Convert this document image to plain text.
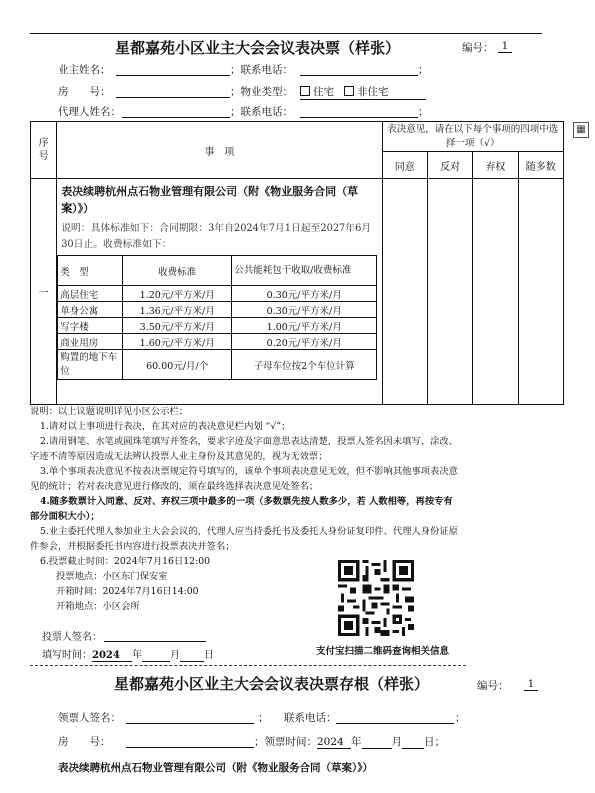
星都嘉苑小区业主大会会议表决票（样张）	编号： 1
业主姓名：	；联系电话：	；
房　　号：	；物业类型：	住宅 非住宅
代理人姓名：	；联系电话：	；
序号	事　项	表决意见，请在以下每个事项的四项中选择一项（√）
同意	反对	弃权	随多数
一	
表决续聘杭州点石物业管理有限公司（附《物业服务合同（草案）》）
说明：具体标准如下：合同期限：3年自2024年7月1日起至2027年6月30日止。收费标准如下：
类　型	收费标准	公共能耗包干收取/收费标准
高层住宅	1.20元/平方米/月	0.30元/平方米/月
单身公寓	1.36元/平方米/月	0.30元/平方米/月
写字楼	3.50元/平方米/月	1.00元/平方米/月
商业用房	1.60元/平方米/月	0.20元/平方米/月
购置的地下车位	60.00元/月/个	子母车位按2个车位计算

▦
说明：以上议题说明详见小区公示栏；
1.请对以上事项进行表决，在其对应的表决意见栏内划 “√”；
2.请用钢笔、水笔或圆珠笔填写并签名，要求字迹及字面意思表达清楚，投票人签名因未填写、涂改、
字迹不清等原因造成无法辨认投票人业主身份及其意见的，视为无效票；
3.单个事项表决意见不按表决票规定符号填写的，该单个事项表决意见无效，但不影响其他事项表决意
见的统计；若对表决意见进行修改的，须在最终选择表决意见处签名；
4.随多数票计入同意、反对、弃权三项中最多的一项（多数票先按人数多少，若 人数相等，再按专有
部分面积大小）；
5.业主委托代理人参加业主大会会议的，代理人应当持委托书及委托人身份证复印件、代理人身份证原
件参会，并根据委托书内容进行投票表决并签名；
6.投票截止时间：2024年7月16日12:00
投票地点：小区东门保安室
开箱时间：2024年7月16日14:00
开箱地点：小区会所
投票人签名：
填写时间：2024 年	月 日	支付宝扫描二维码查询相关信息
星都嘉苑小区业主大会会议表决票存根（样张）	编号：	1
领票人签名：	； 联系电话：	；
房　　号：	；领票时间：2024 年	月 日；
表决续聘杭州点石物业管理有限公司（附《物业服务合同（草案）》）
